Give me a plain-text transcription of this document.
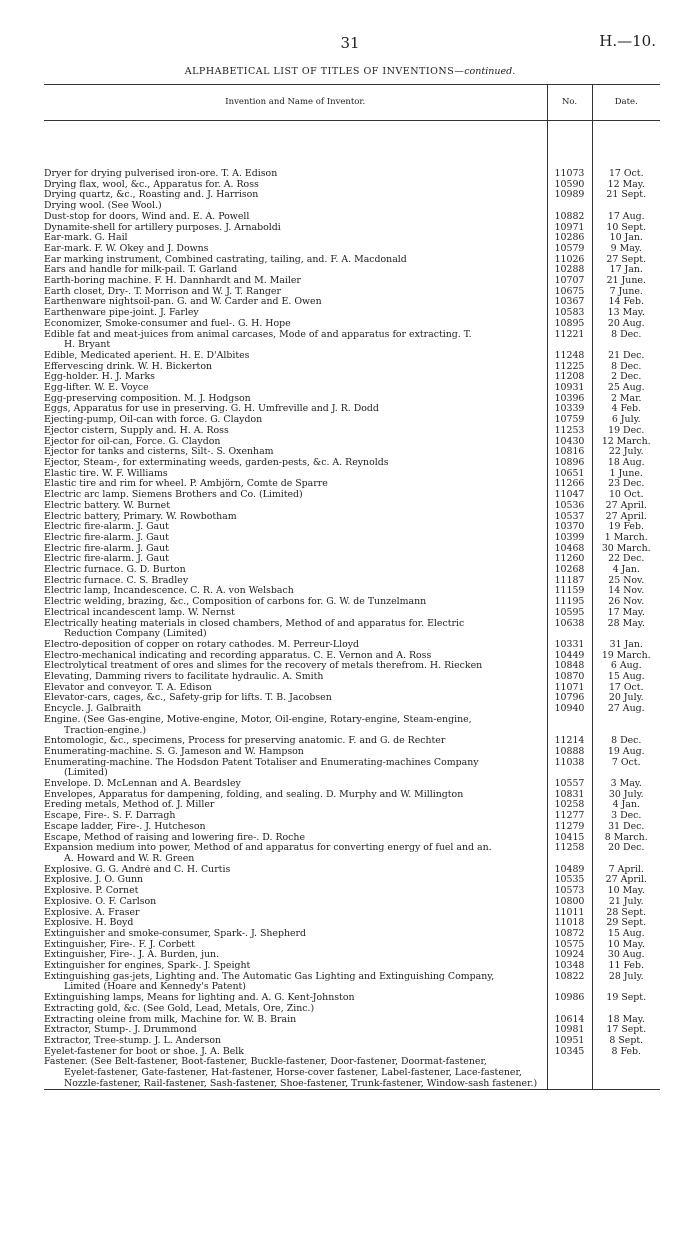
31	H.—10.
ALPHABETICAL LIST OF TITLES OF INVENTIONS—continued.
Invention and Name of Inventor.	No.	Date.

Dryer for drying pulverised iron-ore. T. A. Edison	11073	17 Oct.
Drying flax, wool, &c., Apparatus for. A. Ross	10590	12 May.
Drying quartz, &c., Roasting and. J. Harrison	10989	21 Sept.
Drying wool. (See Wool.)		
Dust-stop for doors, Wind and. E. A. Powell	10882	17 Aug.
Dynamite-shell for artillery purposes. J. Arnaboldi	10971	10 Sept.
Ear-mark. G. Hail	10286	10 Jan.
Ear-mark. F. W. Okey and J. Downs	10579	9 May.
Ear marking instrument, Combined castrating, tailing, and. F. A. Macdonald	11026	27 Sept.
Ears and handle for milk-pail. T. Garland	10288	17 Jan.
Earth-boring machine. F. H. Dannhardt and M. Mailer	10707	21 June.
Earth closet, Dry-. T. Morrison and W. J. T. Ranger	10675	7 June.
Earthenware nightsoil-pan. G. and W. Carder and E. Owen	10367	14 Feb.
Earthenware pipe-joint. J. Farley	10583	13 May.
Economizer, Smoke-consumer and fuel-. G. H. Hope	10895	20 Aug.
Edible fat and meat-juices from animal carcases, Mode of and apparatus for extracting. T.
H. Bryant	11221	8 Dec.
Edible, Medicated aperient. H. E. D'Albites	11248	21 Dec.
Effervescing drink. W. H. Bickerton	11225	8 Dec.
Egg-holder. H. J. Marks	11208	2 Dec.
Egg-lifter. W. E. Voyce	10931	25 Aug.
Egg-preserving composition. M. J. Hodgson	10396	2 Mar.
Eggs, Apparatus for use in preserving. G. H. Umfreville and J. R. Dodd	10339	4 Feb.
Ejecting-pump, Oil-can with force. G. Claydon	10759	6 July.
Ejector cistern, Supply and. H. A. Ross	11253	19 Dec.
Ejector for oil-can, Force. G. Claydon	10430	12 March.
Ejector for tanks and cisterns, Silt-. S. Oxenham	10816	22 July.
Ejector, Steam-, for exterminating weeds, garden-pests, &c. A. Reynolds	10896	18 Aug.
Elastic tire. W. F. Williams	10651	1 June.
Elastic tire and rim for wheel. P. Ambjörn, Comte de Sparre	11266	23 Dec.
Electric arc lamp. Siemens Brothers and Co. (Limited)	11047	10 Oct.
Electric battery. W. Burnet	10536	27 April.
Electric battery, Primary. W. Rowbotham	10537	27 April.
Electric fire-alarm. J. Gaut	10370	19 Feb.
Electric fire-alarm. J. Gaut	10399	1 March.
Electric fire-alarm. J. Gaut	10468	30 March.
Electric fire-alarm. J. Gaut	11260	22 Dec.
Electric furnace. G. D. Burton	10268	4 Jan.
Electric furnace. C. S. Bradley	11187	25 Nov.
Electric lamp, Incandescence. C. R. A. von Welsbach	11159	14 Nov.
Electric welding, brazing, &c., Composition of carbons for. G. W. de Tunzelmann	11195	26 Nov.
Electrical incandescent lamp. W. Nernst	10595	17 May.
Electrically heating materials in closed chambers, Method of and apparatus for. Electric
Reduction Company (Limited)	10638	28 May.
Electro-deposition of copper on rotary cathodes. M. Perreur-Lloyd	10331	31 Jan.
Electro-mechanical indicating and recording apparatus. C. E. Vernon and A. Ross	10449	19 March.
Electrolytical treatment of ores and slimes for the recovery of metals therefrom. H. Riecken	10848	6 Aug.
Elevating, Damming rivers to facilitate hydraulic. A. Smith	10870	15 Aug.
Elevator and conveyor. T. A. Edison	11071	17 Oct.
Elevator-cars, cages, &c., Safety-grip for lifts. T. B. Jacobsen	10796	20 July.
Encycle. J. Galbraith	10940	27 Aug.
Engine. (See Gas-engine, Motive-engine, Motor, Oil-engine, Rotary-engine, Steam-engine,
Traction-engine.)		

Entomologic, &c., specimens, Process for preserving anatomic. F. and G. de Rechter	11214	8 Dec.
Enumerating-machine. S. G. Jameson and W. Hampson	10888	19 Aug.
Enumerating-machine. The Hodsdon Patent Totaliser and Enumerating-machines Company
(Limited)	11038	7 Oct.
Envelope. D. McLennan and A. Beardsley	10557	3 May.
Envelopes, Apparatus for dampening, folding, and sealing. D. Murphy and W. Millington	10831	30 July.
Ereding metals, Method of. J. Miller	10258	4 Jan.
Escape, Fire-. S. F. Darragh	11277	3 Dec.
Escape ladder, Fire-. J. Hutcheson	11279	31 Dec.
Escape, Method of raising and lowering fire-. D. Roche	10415	8 March.
Expansion medium into power, Method of and apparatus for converting energy of fuel and an.
A. Howard and W. R. Green	11258	20 Dec.
Explosive. G. G. André and C. H. Curtis	10489	7 April.
Explosive. J. O. Gunn	10535	27 April.
Explosive. P. Cornet	10573	10 May.
Explosive. O. F. Carlson	10800	21 July.
Explosive. A. Fraser	11011	28 Sept.
Explosive. H. Boyd	11018	29 Sept.
Extinguisher and smoke-consumer, Spark-. J. Shepherd	10872	15 Aug.
Extinguisher, Fire-. F. J. Corbett	10575	10 May.
Extinguisher, Fire-. J. A. Burden, jun.	10924	30 Aug.
Extinguisher for engines, Spark-. J. Speight	10348	11 Feb.
Extinguishing gas-jets, Lighting and. The Automatic Gas Lighting and Extinguishing Company,
Limited (Hoare and Kennedy's Patent)	10822	28 July.
Extinguishing lamps, Means for lighting and. A. G. Kent-Johnston	10986	19 Sept.
Extracting gold, &c. (See Gold, Lead, Metals, Ore, Zinc.)		
Extracting oleine from milk, Machine for. W. B. Brain	10614	18 May.
Extractor, Stump-. J. Drummond	10981	17 Sept.
Extractor, Tree-stump. J. L. Anderson	10951	8 Sept.
Eyelet-fastener for boot or shoe. J. A. Belk	10345	8 Feb.
Fastener. (See Belt-fastener, Boot-fastener, Buckle-fastener, Door-fastener, Doormat-fastener,
Eyelet-fastener, Gate-fastener, Hat-fastener, Horse-cover fastener, Label-fastener, Lace-fastener, Nozzle-fastener, Rail-fastener, Sash-fastener, Shoe-fastener, Trunk-fastener, Window-sash fastener.)		
